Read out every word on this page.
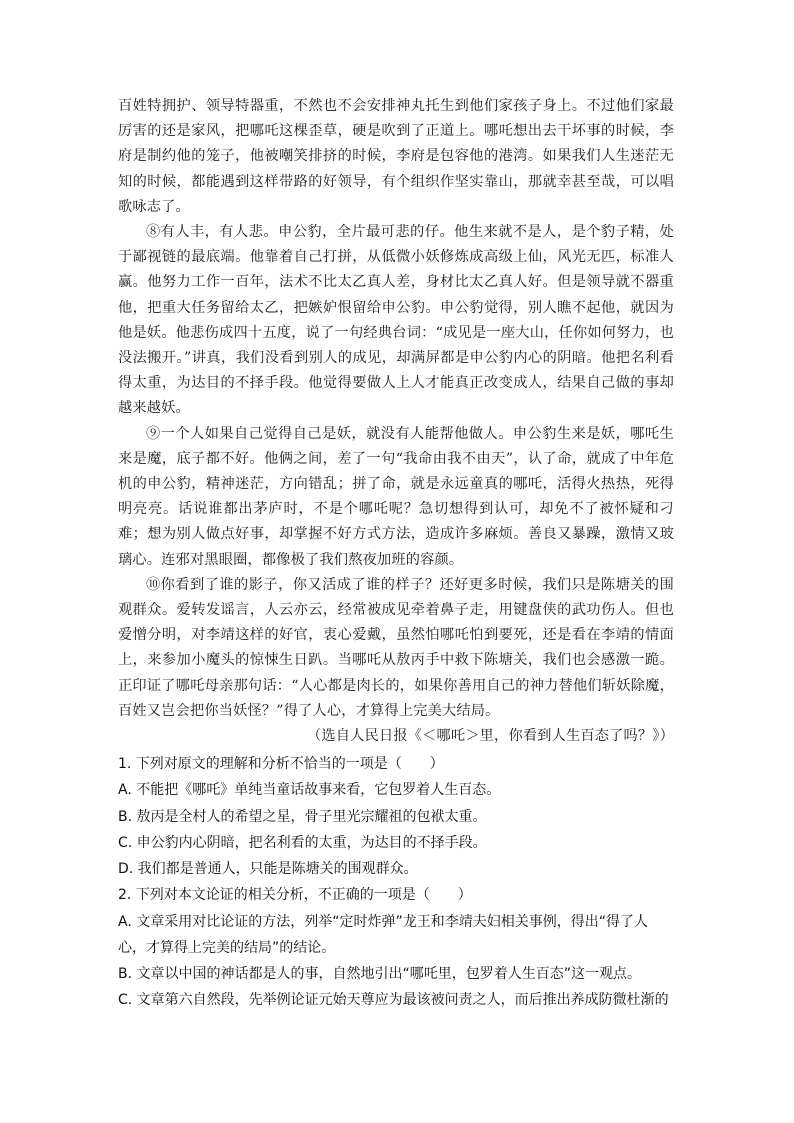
百姓特拥护、领导特器重，不然也不会安排神丸托生到他们家孩子身上。不过他们家最厉害的还是家风，把哪吒这棵歪草，硬是吹到了正道上。哪吒想出去干坏事的时候，李府是制约他的笼子，他被嘲笑排挤的时候，李府是包容他的港湾。如果我们人生迷茫无知的时候，都能遇到这样带路的好领导，有个组织作坚实靠山，那就幸甚至哉，可以唱歌咏志了。

⑧有人丰，有人悲。申公豹，全片最可悲的仔。他生来就不是人，是个豹子精，处于鄙视链的最底端。他靠着自己打拼，从低微小妖修炼成高级上仙，风光无匹，标准人赢。他努力工作一百年，法术不比太乙真人差，身材比太乙真人好。但是领导就不器重他，把重大任务留给太乙，把嫉妒恨留给申公豹。申公豹觉得，别人瞧不起他，就因为他是妖。他悲伤成四十五度，说了一句经典台词：“成见是一座大山，任你如何努力，也没法搬开。”讲真，我们没看到别人的成见，却满屏都是申公豹内心的阴暗。他把名利看得太重，为达目的不择手段。他觉得要做人上人才能真正改变成人，结果自己做的事却越来越妖。

⑨一个人如果自己觉得自己是妖，就没有人能帮他做人。申公豹生来是妖，哪吒生来是魔，底子都不好。他俩之间，差了一句“我命由我不由天”，认了命，就成了中年危机的申公豹，精神迷茫，方向错乱；拼了命，就是永远童真的哪吒，活得火热热，死得明亮亮。话说谁都出茅庐时，不是个哪吒呢？急切想得到认可，却免不了被怀疑和刁难；想为别人做点好事，却掌握不好方式方法，造成许多麻烦。善良又暴躁，激情又玻璃心。连邪对黑眼圈，都像极了我们熬夜加班的容颜。

⑩你看到了谁的影子，你又活成了谁的样子？还好更多时候，我们只是陈塘关的围观群众。爱转发谣言，人云亦云，经常被成见牵着鼻子走，用键盘侠的武功伤人。但也爱憎分明，对李靖这样的好官，衷心爱戴，虽然怕哪吒怕到要死，还是看在李靖的情面上，来参加小魔头的惊悚生日趴。当哪吒从敖丙手中救下陈塘关，我们也会感激一跪。正印证了哪吒母亲那句话：“人心都是肉长的，如果你善用自己的神力替他们斩妖除魔，百姓又岂会把你当妖怪？”得了人心，才算得上完美大结局。

（选自人民日报《＜哪吒＞里，你看到人生百态了吗？》）

1. 下列对原文的理解和分析不恰当的一项是（　　）

A. 不能把《哪吒》单纯当童话故事来看，它包罗着人生百态。

B. 敖丙是全村人的希望之星，骨子里光宗耀祖的包袱太重。

C. 申公豹内心阴暗，把名利看的太重，为达目的不择手段。

D. 我们都是普通人，只能是陈塘关的围观群众。

2. 下列对本文论证的相关分析，不正确的一项是（　　）

A. 文章采用对比论证的方法，列举“定时炸弹”龙王和李靖夫妇相关事例，得出“得了人

心，才算得上完美的结局”的结论。

B. 文章以中国的神话都是人的事，自然地引出“哪吒里，包罗着人生百态”这一观点。

C. 文章第六自然段，先举例论证元始天尊应为最该被问责之人，而后推出养成防微杜渐的
